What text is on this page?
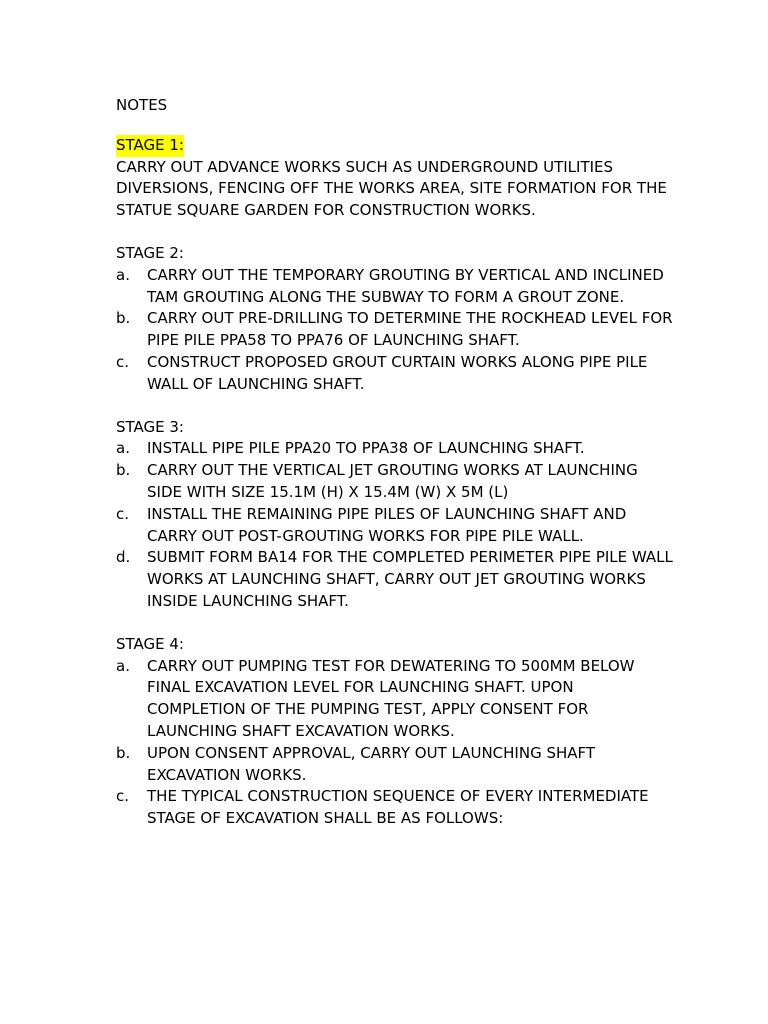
NOTES
STAGE 1:

CARRY OUT ADVANCE WORKS SUCH AS UNDERGROUND UTILITIES DIVERSIONS, FENCING OFF THE WORKS AREA, SITE FORMATION FOR THE STATUE SQUARE GARDEN FOR CONSTRUCTION WORKS.

STAGE 2:
a.	CARRY OUT THE TEMPORARY GROUTING BY VERTICAL AND INCLINED TAM GROUTING ALONG THE SUBWAY TO FORM A GROUT ZONE.
b.	CARRY OUT PRE-DRILLING TO DETERMINE THE ROCKHEAD LEVEL FOR PIPE PILE PPA58 TO PPA76 OF LAUNCHING SHAFT.
c.	CONSTRUCT PROPOSED GROUT CURTAIN WORKS ALONG PIPE PILE WALL OF LAUNCHING SHAFT.
STAGE 3:
a.	INSTALL PIPE PILE PPA20 TO PPA38 OF LAUNCHING SHAFT.
b.	CARRY OUT THE VERTICAL JET GROUTING WORKS AT LAUNCHING SIDE WITH SIZE 15.1M (H) X 15.4M (W) X 5M (L)
c.	INSTALL THE REMAINING PIPE PILES OF LAUNCHING SHAFT AND CARRY OUT POST-GROUTING WORKS FOR PIPE PILE WALL.
d.	SUBMIT FORM BA14 FOR THE COMPLETED PERIMETER PIPE PILE WALL WORKS AT LAUNCHING SHAFT, CARRY OUT JET GROUTING WORKS INSIDE LAUNCHING SHAFT.
STAGE 4:
a.	CARRY OUT PUMPING TEST FOR DEWATERING TO 500MM BELOW FINAL EXCAVATION LEVEL FOR LAUNCHING SHAFT. UPON COMPLETION OF THE PUMPING TEST, APPLY CONSENT FOR LAUNCHING SHAFT EXCAVATION WORKS.
b.	UPON CONSENT APPROVAL, CARRY OUT LAUNCHING SHAFT EXCAVATION WORKS.
c.	THE TYPICAL CONSTRUCTION SEQUENCE OF EVERY INTERMEDIATE STAGE OF EXCAVATION SHALL BE AS FOLLOWS:
